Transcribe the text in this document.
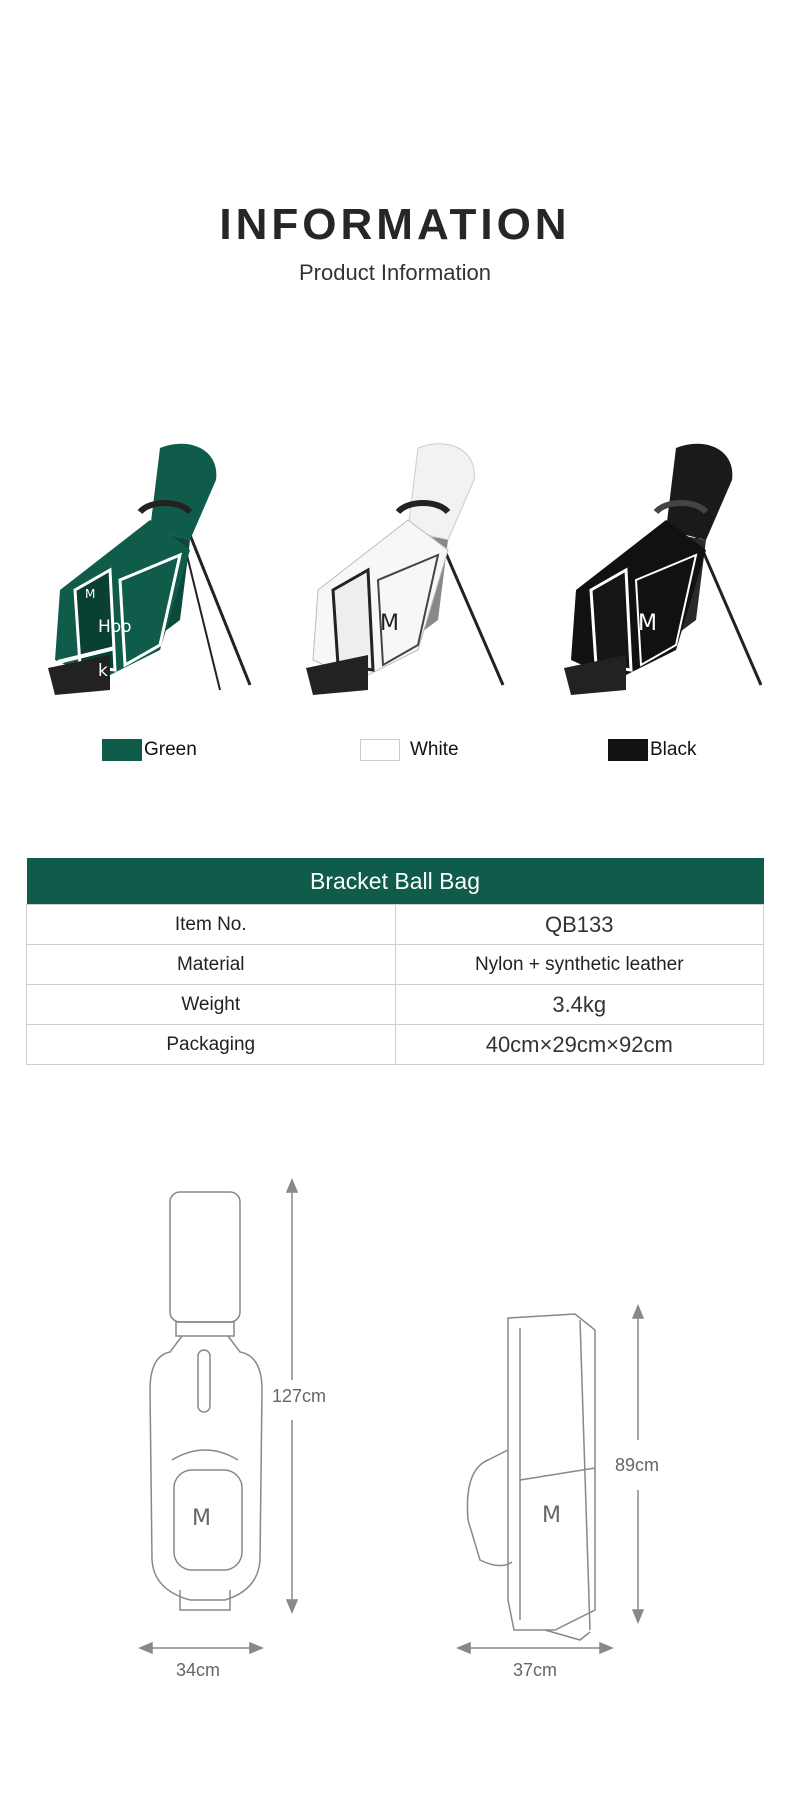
INFORMATION
Product Information
M
Hoo
k
M	M
Green	White	Black
Bracket Ball Bag	
Item No.	QB133
Material	Nylon + synthetic leather
Weight	3.4kg
Packaging	40cm×29cm×92cm
M
127cm
34cm
M
89cm
37cm
